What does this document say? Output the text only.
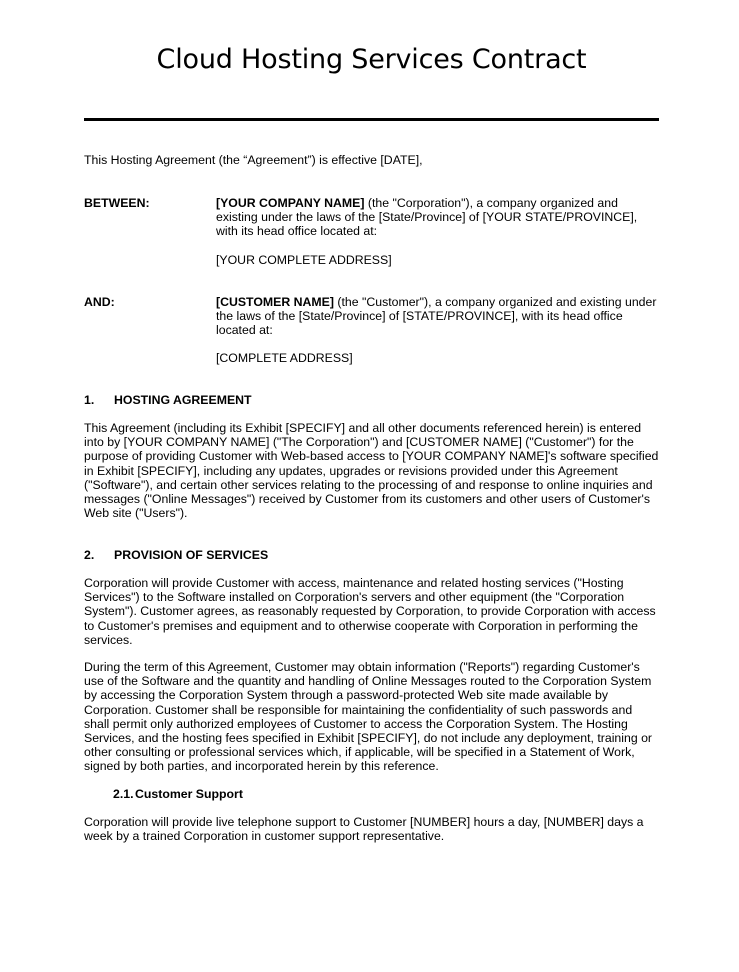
Cloud Hosting Services Contract

This Hosting Agreement (the “Agreement”) is effective [DATE],

BETWEEN:	[YOUR COMPANY NAME] (the "Corporation"), a company organized and existing under the laws of the [State/Province] of [YOUR STATE/PROVINCE], with its head office located at:

[YOUR COMPLETE ADDRESS]

AND:	[CUSTOMER NAME] (the "Customer"), a company organized and existing under the laws of the [State/Province] of [STATE/PROVINCE], with its head office located at:

[COMPLETE ADDRESS]

1. HOSTING AGREEMENT

This Agreement (including its Exhibit [SPECIFY] and all other documents referenced herein) is entered into by [YOUR COMPANY NAME] ("The Corporation") and [CUSTOMER NAME] ("Customer") for the purpose of providing Customer with Web-based access to [YOUR COMPANY NAME]'s software specified in Exhibit [SPECIFY], including any updates, upgrades or revisions provided under this Agreement ("Software"), and certain other services relating to the processing of and response to online inquiries and messages ("Online Messages") received by Customer from its customers and other users of Customer's Web site ("Users").

2. PROVISION OF SERVICES

Corporation will provide Customer with access, maintenance and related hosting services ("Hosting Services") to the Software installed on Corporation's servers and other equipment (the "Corporation System"). Customer agrees, as reasonably requested by Corporation, to provide Corporation with access to Customer's premises and equipment and to otherwise cooperate with Corporation in performing the services.

During the term of this Agreement, Customer may obtain information ("Reports") regarding Customer's use of the Software and the quantity and handling of Online Messages routed to the Corporation System by accessing the Corporation System through a password-protected Web site made available by Corporation. Customer shall be responsible for maintaining the confidentiality of such passwords and shall permit only authorized employees of Customer to access the Corporation System. The Hosting Services, and the hosting fees specified in Exhibit [SPECIFY], do not include any deployment, training or other consulting or professional services which, if applicable, will be specified in a Statement of Work, signed by both parties, and incorporated herein by this reference.

2.1.Customer Support

Corporation will provide live telephone support to Customer [NUMBER] hours a day, [NUMBER] days a week by a trained Corporation in customer support representative.
